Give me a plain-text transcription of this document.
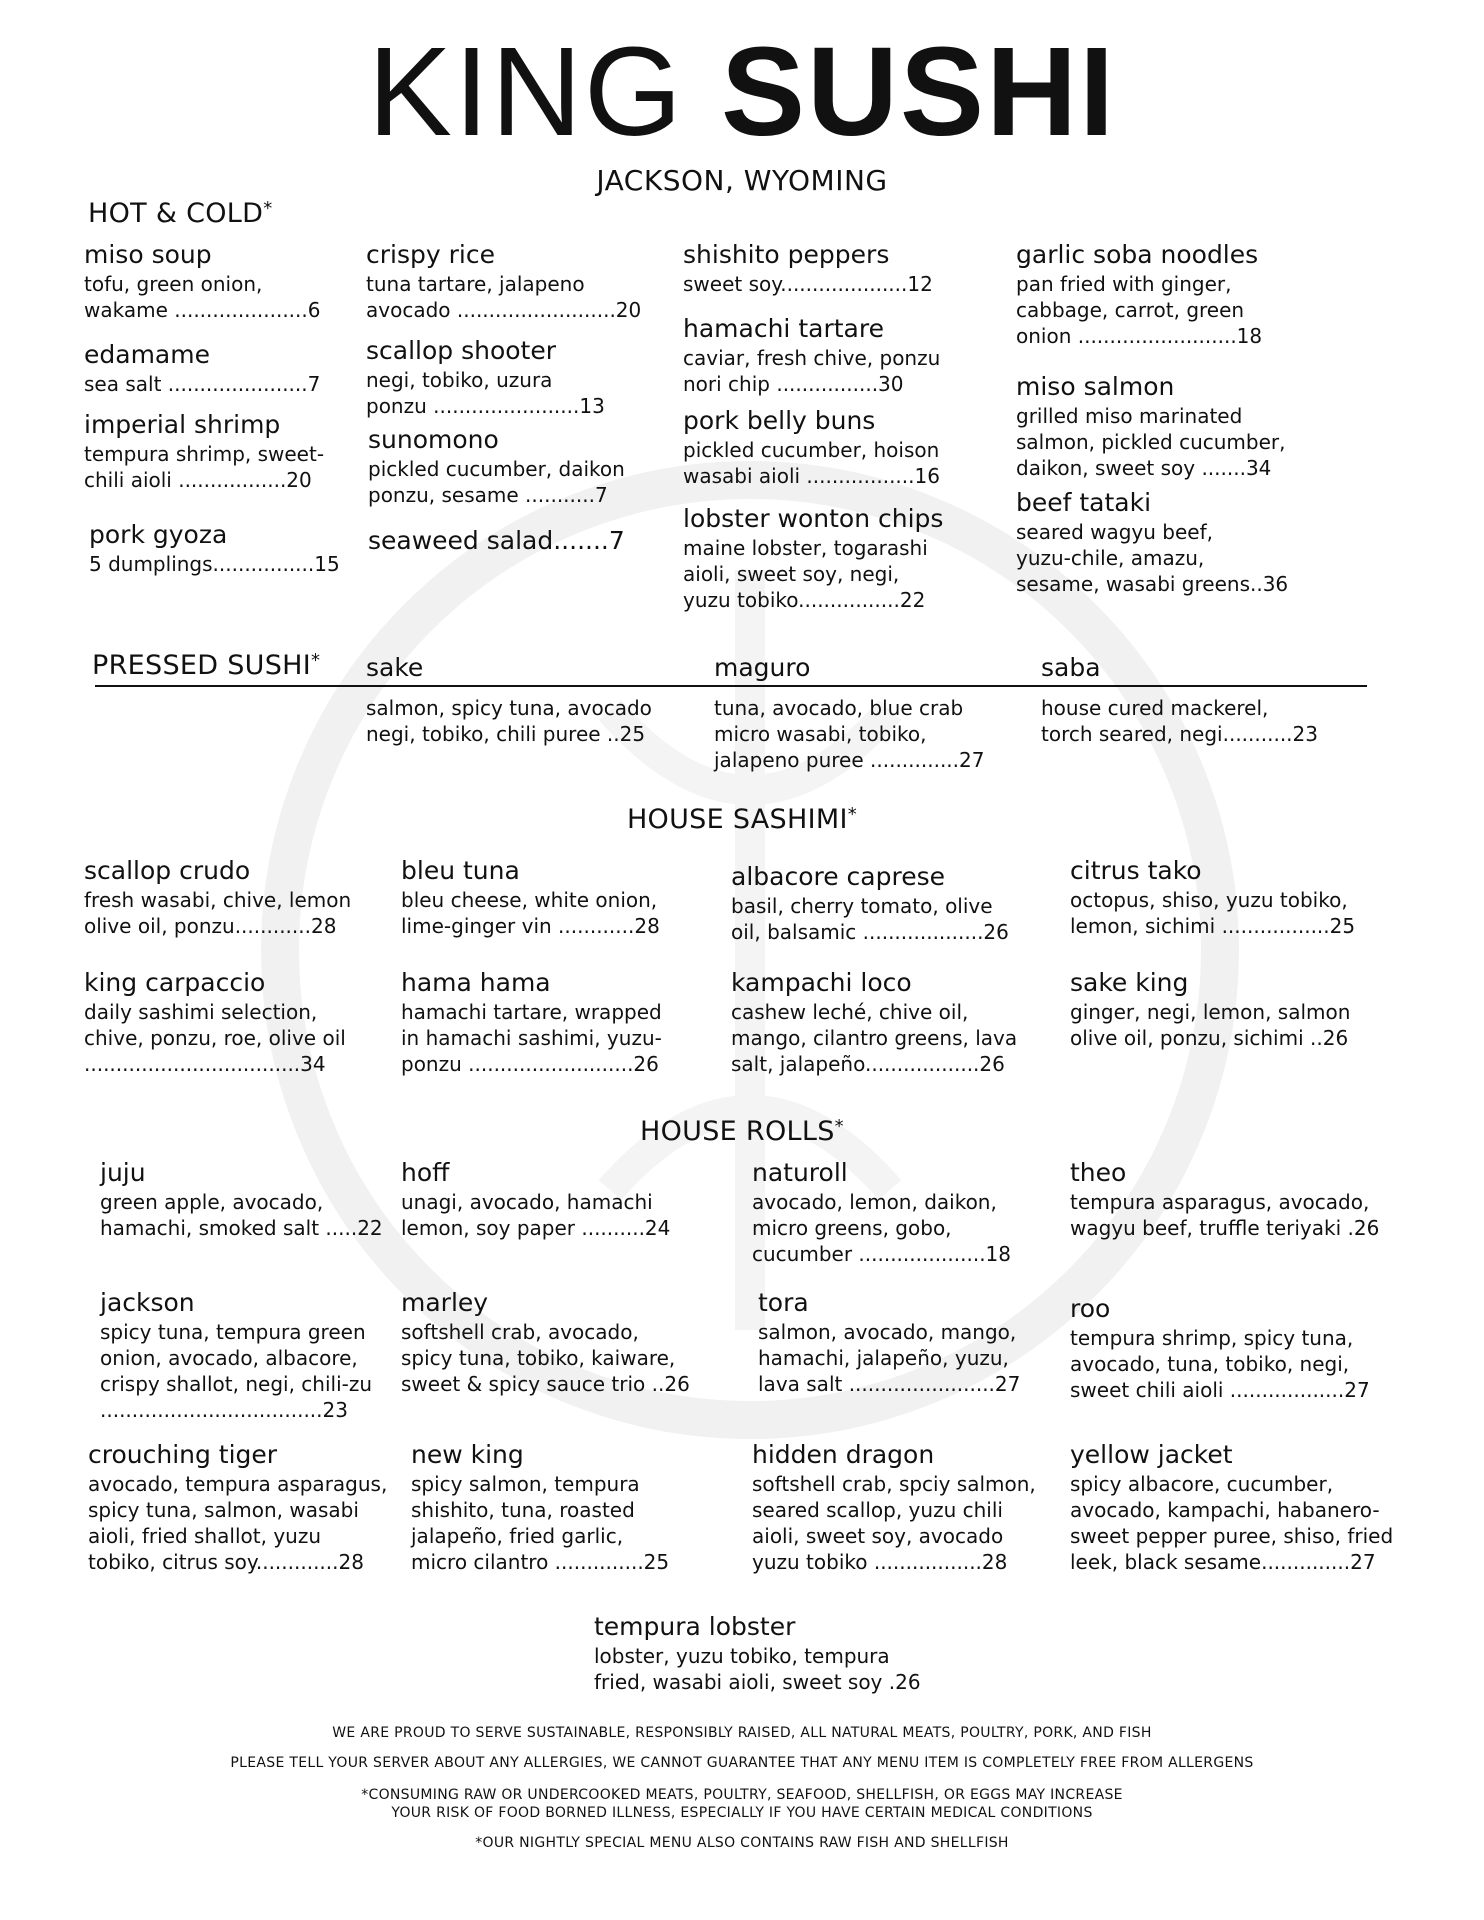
KING SUSHI
JACKSON, WYOMING
HOT & COLD*
miso soup
tofu, green onion,
wakame .....................6
edamame
sea salt ......................7
imperial shrimp
tempura shrimp, sweet-
chili aioli .................20
pork gyoza
5 dumplings................15
crispy rice
tuna tartare, jalapeno
avocado .........................20
scallop shooter
negi, tobiko, uzura
ponzu .......................13
sunomono
pickled cucumber, daikon
ponzu, sesame ...........7
seaweed salad.......7
shishito peppers
sweet soy....................12
hamachi tartare
caviar, fresh chive, ponzu
nori chip ................30
pork belly buns
pickled cucumber, hoison
wasabi aioli .................16
lobster wonton chips
maine lobster, togarashi
aioli, sweet soy, negi,
yuzu tobiko................22
garlic soba noodles
pan fried with ginger,
cabbage, carrot, green
onion .........................18
miso salmon
grilled miso marinated
salmon, pickled cucumber,
daikon, sweet soy .......34
beef tataki
seared wagyu beef,
yuzu-chile, amazu,
sesame, wasabi greens..36
PRESSED SUSHI* sake
salmon, spicy tuna, avocado
negi, tobiko, chili puree ..25
maguro
tuna, avocado, blue crab
micro wasabi, tobiko,
jalapeno puree ..............27
saba
house cured mackerel,
torch seared, negi...........23
HOUSE SASHIMI*
scallop crudo
fresh wasabi, chive, lemon
olive oil, ponzu............28
bleu tuna
bleu cheese, white onion,
lime-ginger vin ............28
albacore caprese
basil, cherry tomato, olive
oil, balsamic ...................26
citrus tako
octopus, shiso, yuzu tobiko,
lemon, sichimi .................25
king carpaccio
daily sashimi selection,
chive, ponzu, roe, olive oil
..................................34
hama hama
hamachi tartare, wrapped
in hamachi sashimi, yuzu-
ponzu ..........................26
kampachi loco
cashew leché, chive oil,
mango, cilantro greens, lava
salt, jalapeño..................26
sake king
ginger, negi, lemon, salmon
olive oil, ponzu, sichimi ..26
HOUSE ROLLS*
juju
green apple, avocado,
hamachi, smoked salt .....22
hoff
unagi, avocado, hamachi
lemon, soy paper ..........24
naturoll
avocado, lemon, daikon,
micro greens, gobo,
cucumber ....................18
theo
tempura asparagus, avocado,
wagyu beef, truffle teriyaki .26
jackson
spicy tuna, tempura green
onion, avocado, albacore,
crispy shallot, negi, chili-zu
...................................23
marley
softshell crab, avocado,
spicy tuna, tobiko, kaiware,
sweet & spicy sauce trio ..26
tora
salmon, avocado, mango,
hamachi, jalapeño, yuzu,
lava salt .......................27
roo
tempura shrimp, spicy tuna,
avocado, tuna, tobiko, negi,
sweet chili aioli ..................27
crouching tiger
avocado, tempura asparagus,
spicy tuna, salmon, wasabi
aioli, fried shallot, yuzu
tobiko, citrus soy.............28
new king
spicy salmon, tempura
shishito, tuna, roasted
jalapeño, fried garlic,
micro cilantro ..............25
hidden dragon
softshell crab, spciy salmon,
seared scallop, yuzu chili
aioli, sweet soy, avocado
yuzu tobiko .................28
yellow jacket
spicy albacore, cucumber,
avocado, kampachi, habanero-
sweet pepper puree, shiso, fried
leek, black sesame..............27
tempura lobster
lobster, yuzu tobiko, tempura
fried, wasabi aioli, sweet soy .26
WE ARE PROUD TO SERVE SUSTAINABLE, RESPONSIBLY RAISED, ALL NATURAL MEATS, POULTRY, PORK, AND FISH
PLEASE TELL YOUR SERVER ABOUT ANY ALLERGIES, WE CANNOT GUARANTEE THAT ANY MENU ITEM IS COMPLETELY FREE FROM ALLERGENS
*CONSUMING RAW OR UNDERCOOKED MEATS, POULTRY, SEAFOOD, SHELLFISH, OR EGGS MAY INCREASE
YOUR RISK OF FOOD BORNED ILLNESS, ESPECIALLY IF YOU HAVE CERTAIN MEDICAL CONDITIONS
*OUR NIGHTLY SPECIAL MENU ALSO CONTAINS RAW FISH AND SHELLFISH
